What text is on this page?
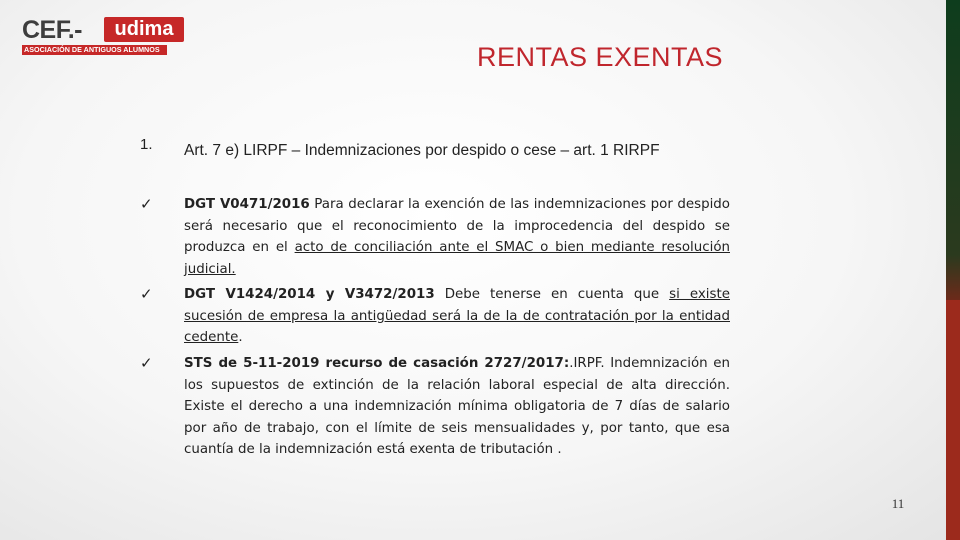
CEF.-	udima
ASOCIACIÓN DE ANTIGUOS ALUMNOS	RENTAS EXENTAS
1. Art. 7 e) LIRPF – Indemnizaciones por despido o cese – art. 1 RIRPF
✓ DGT V0471/2016 Para declarar la exención de las indemnizaciones por despido será necesario que el reconocimiento de la improcedencia del despido se produzca en el acto de conciliación ante el SMAC o bien mediante resolución judicial.
✓ DGT V1424/2014 y V3472/2013 Debe tenerse en cuenta que si existe sucesión de empresa la antigüedad será la de la de contratación por la entidad cedente.
✓ STS de 5-11-2019 recurso de casación 2727/2017:.IRPF. Indemnización en los supuestos de extinción de la relación laboral especial de alta dirección. Existe el derecho a una indemnización mínima obligatoria de 7 días de salario por año de trabajo, con el límite de seis mensualidades y, por tanto, que esa cuantía de la indemnización está exenta de tributación .
11
